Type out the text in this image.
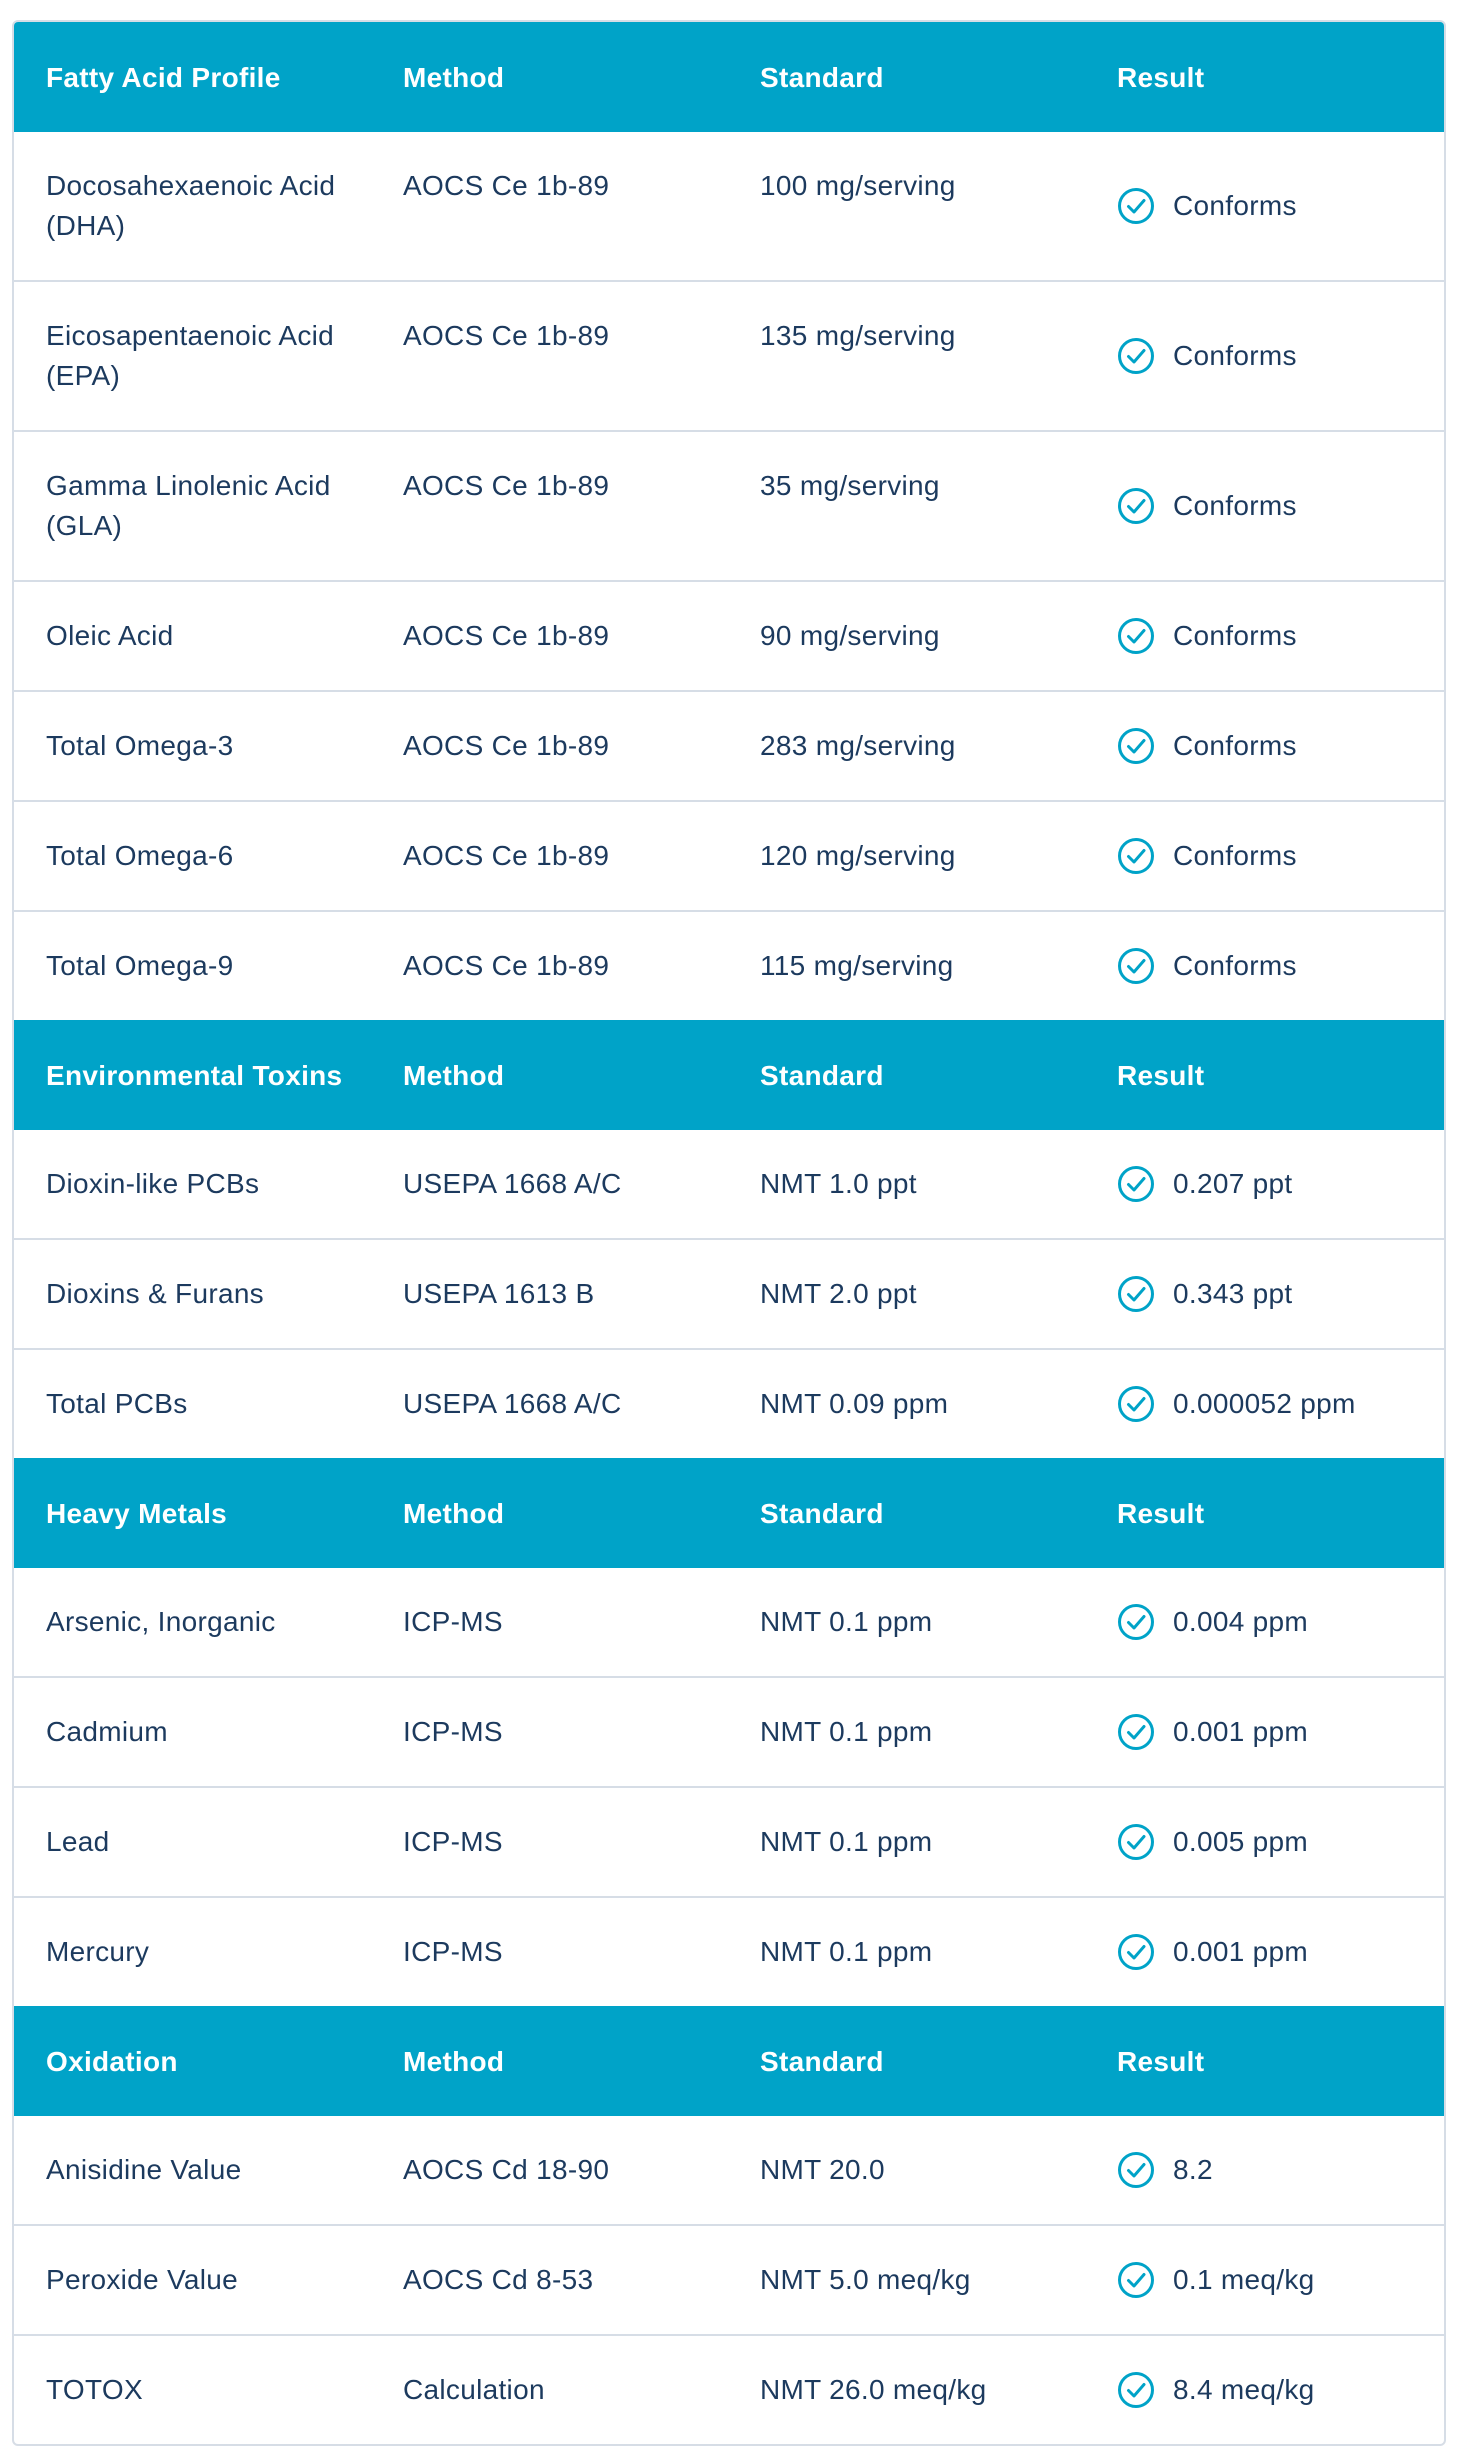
Fatty Acid Profile	Method	Standard	Result
Docosahexaenoic Acid (DHA)	AOCS Ce 1b-89	100 mg/serving	Conforms

Eicosapentaenoic Acid (EPA)	AOCS Ce 1b-89	135 mg/serving	Conforms

Gamma Linolenic Acid (GLA)	AOCS Ce 1b-89	35 mg/serving	Conforms

Oleic Acid	AOCS Ce 1b-89	90 mg/serving	Conforms

Total Omega-3	AOCS Ce 1b-89	283 mg/serving	Conforms

Total Omega-6	AOCS Ce 1b-89	120 mg/serving	Conforms

Total Omega-9	AOCS Ce 1b-89	115 mg/serving	Conforms

Environmental Toxins	Method	Standard	Result
Dioxin-like PCBs	USEPA 1668 A/C	NMT 1.0 ppt	0.207 ppt

Dioxins & Furans	USEPA 1613 B	NMT 2.0 ppt	0.343 ppt

Total PCBs	USEPA 1668 A/C	NMT 0.09 ppm	0.000052 ppm

Heavy Metals	Method	Standard	Result
Arsenic, Inorganic	ICP-MS	NMT 0.1 ppm	0.004 ppm

Cadmium	ICP-MS	NMT 0.1 ppm	0.001 ppm

Lead	ICP-MS	NMT 0.1 ppm	0.005 ppm

Mercury	ICP-MS	NMT 0.1 ppm	0.001 ppm

Oxidation	Method	Standard	Result
Anisidine Value	AOCS Cd 18-90	NMT 20.0	8.2

Peroxide Value	AOCS Cd 8-53	NMT 5.0 meq/kg	0.1 meq/kg

TOTOX	Calculation	NMT 26.0 meq/kg	8.4 meq/kg
